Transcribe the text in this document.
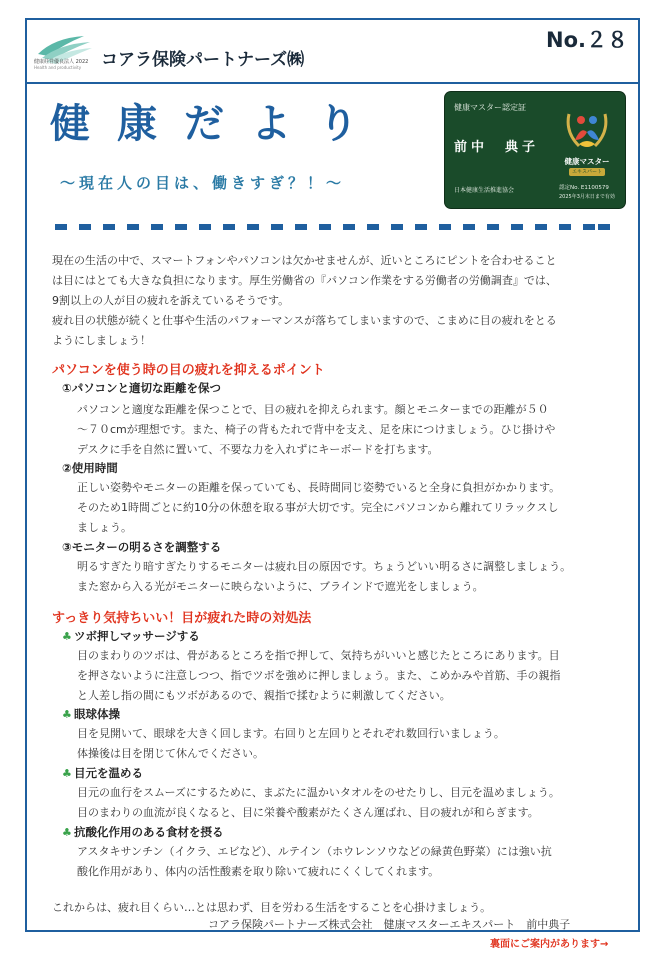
健康経営優良法人 2022
Health and productivity コアラ保険パートナーズ㈱
No.２８
健康だより
～現在人の目は、働きすぎ？！～
健康マスター認定証
前中　典子
健康マスター
エキスパート
日本健康生活推進協会	認定No. E1100579
2025年3月末日まで有効

現在の生活の中で、スマートフォンやパソコンは欠かせませんが、近いところにピントを合わせること

は目にはとても大きな負担になります。厚生労働省の『パソコン作業をする労働者の労働調査』では、

9割以上の人が目の疲れを訴えているそうです。

疲れ目の状態が続くと仕事や生活のパフォーマンスが落ちてしまいますので、こまめに目の疲れをとる

ようにしましょう！

パソコンを使う時の目の疲れを抑えるポイント
①パソコンと適切な距離を保つ

パソコンと適度な距離を保つことで、目の疲れを抑えられます。顔とモニターまでの距離が５０

～７０cmが理想です。また、椅子の背もたれで背中を支え、足を床につけましょう。ひじ掛けや

デスクに手を自然に置いて、不要な力を入れずにキーボードを打ちます。

②使用時間

正しい姿勢やモニターの距離を保っていても、長時間同じ姿勢でいると全身に負担がかかります。

そのため1時間ごとに約10分の休憩を取る事が大切です。完全にパソコンから離れてリラックスし

ましょう。

③モニターの明るさを調整する

明るすぎたり暗すぎたりするモニターは疲れ目の原因です。ちょうどいい明るさに調整しましょう。

また窓から入る光がモニターに映らないように、ブラインドで遮光をしましょう。

すっきり気持ちいい！目が疲れた時の対処法
♣ ツボ押しマッサージする

目のまわりのツボは、骨があるところを指で押して、気持ちがいいと感じたところにあります。目

を押さないように注意しつつ、指でツボを強めに押しましょう。また、こめかみや首筋、手の親指

と人差し指の間にもツボがあるので、親指で揉むように刺激してください。

♣ 眼球体操

目を見開いて、眼球を大きく回します。右回りと左回りとそれぞれ数回行いましょう。

体操後は目を閉じて休んでください。

♣ 目元を温める

目元の血行をスムーズにするために、まぶたに温かいタオルをのせたりし、目元を温めましょう。

目のまわりの血流が良くなると、目に栄養や酸素がたくさん運ばれ、目の疲れが和らぎます。

♣ 抗酸化作用のある食材を摂る

アスタキサンチン（イクラ、エビなど）、ルテイン（ホウレンソウなどの緑黄色野菜）には強い抗

酸化作用があり、体内の活性酸素を取り除いて疲れにくくしてくれます。

これからは、疲れ目くらい…とは思わず、目を労わる生活をすることを心掛けましょう。
コアラ保険パートナーズ株式会社　健康マスターエキスパート　前中典子
裏面にご案内があります→
